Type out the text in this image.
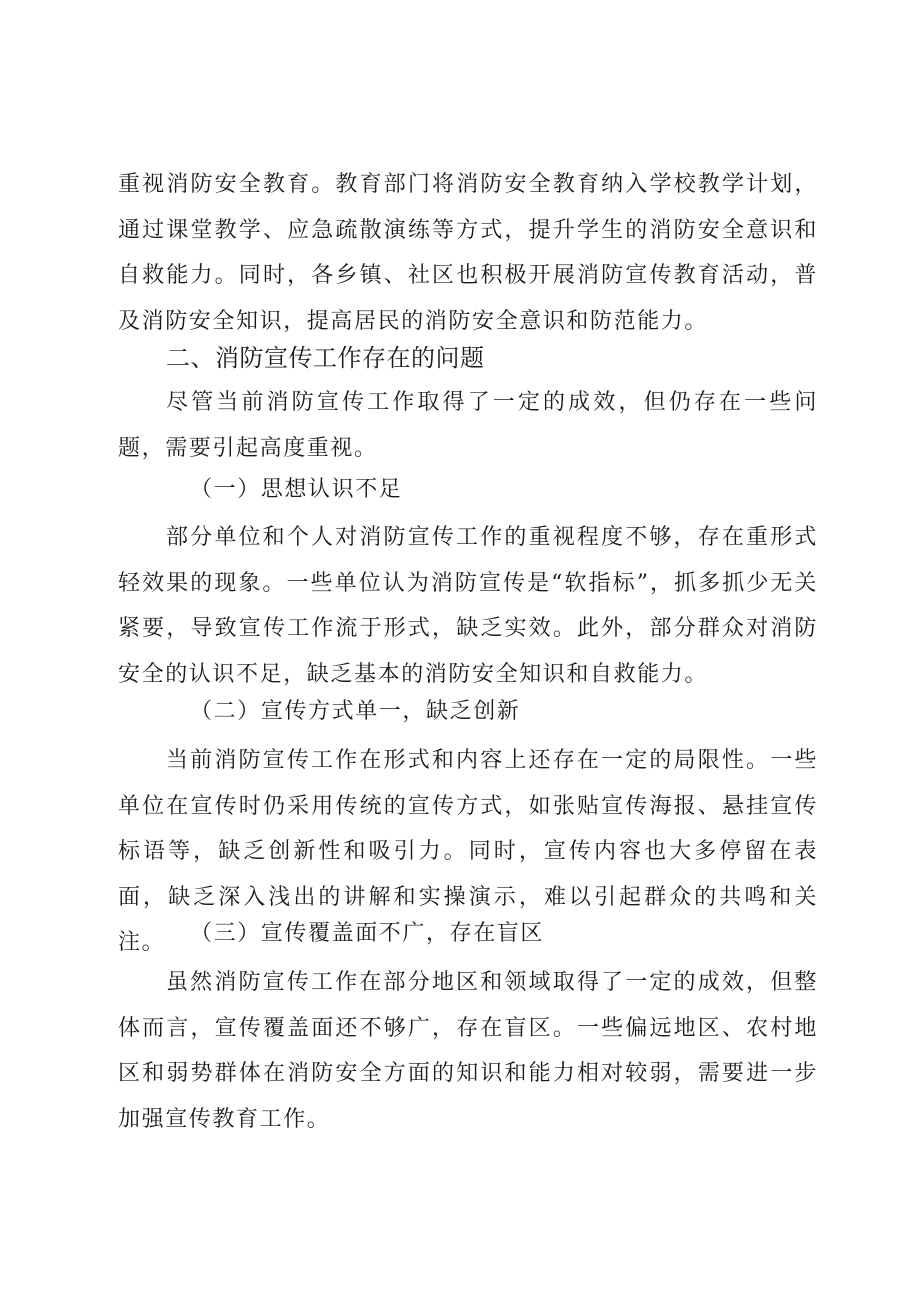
重视消防安全教育。教育部门将消防安全教育纳入学校教学计划，通过课堂教学、应急疏散演练等方式，提升学生的消防安全意识和自救能力。同时，各乡镇、社区也积极开展消防宣传教育活动，普及消防安全知识，提高居民的消防安全意识和防范能力。

二、消防宣传工作存在的问题

尽管当前消防宣传工作取得了一定的成效，但仍存在一些问题，需要引起高度重视。

（一）思想认识不足

部分单位和个人对消防宣传工作的重视程度不够，存在重形式轻效果的现象。一些单位认为消防宣传是“软指标”，抓多抓少无关紧要，导致宣传工作流于形式，缺乏实效。此外，部分群众对消防安全的认识不足，缺乏基本的消防安全知识和自救能力。

（二）宣传方式单一，缺乏创新

当前消防宣传工作在形式和内容上还存在一定的局限性。一些单位在宣传时仍采用传统的宣传方式，如张贴宣传海报、悬挂宣传标语等，缺乏创新性和吸引力。同时，宣传内容也大多停留在表面，缺乏深入浅出的讲解和实操演示，难以引起群众的共鸣和关注。	（三）宣传覆盖面不广，存在盲区

虽然消防宣传工作在部分地区和领域取得了一定的成效，但整体而言，宣传覆盖面还不够广，存在盲区。一些偏远地区、农村地区和弱势群体在消防安全方面的知识和能力相对较弱，需要进一步加强宣传教育工作。
